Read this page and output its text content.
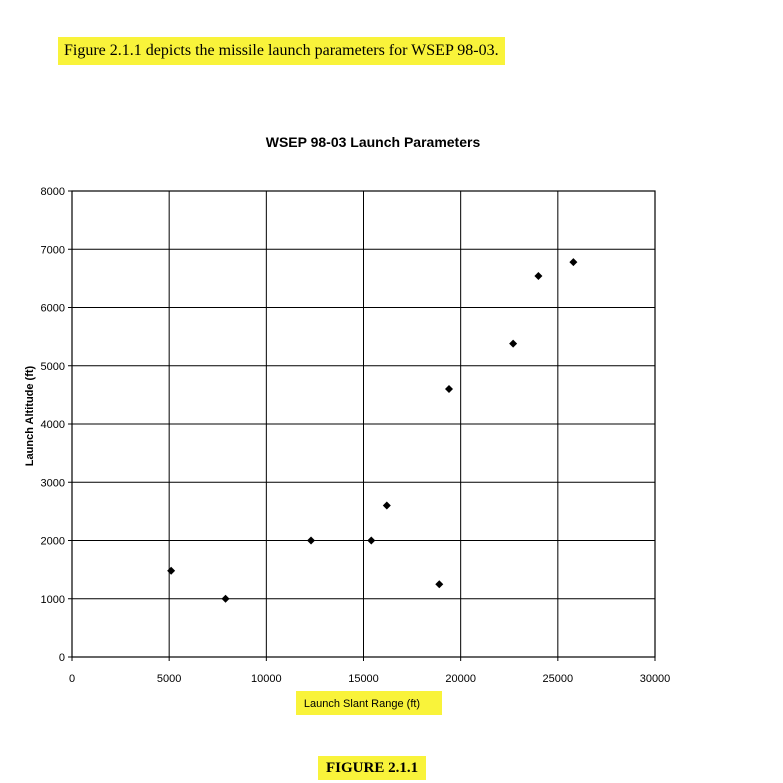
Figure 2.1.1 depicts the missile launch parameters for WSEP 98-03.
WSEP 98-03 Launch Parameters
0	5000	10000	15000	20000	25000	30000
0
1000
2000
3000
4000
5000
6000
7000
8000
Launch Slant Range (ft)
Launch Altitude (ft)
FIGURE 2.1.1
